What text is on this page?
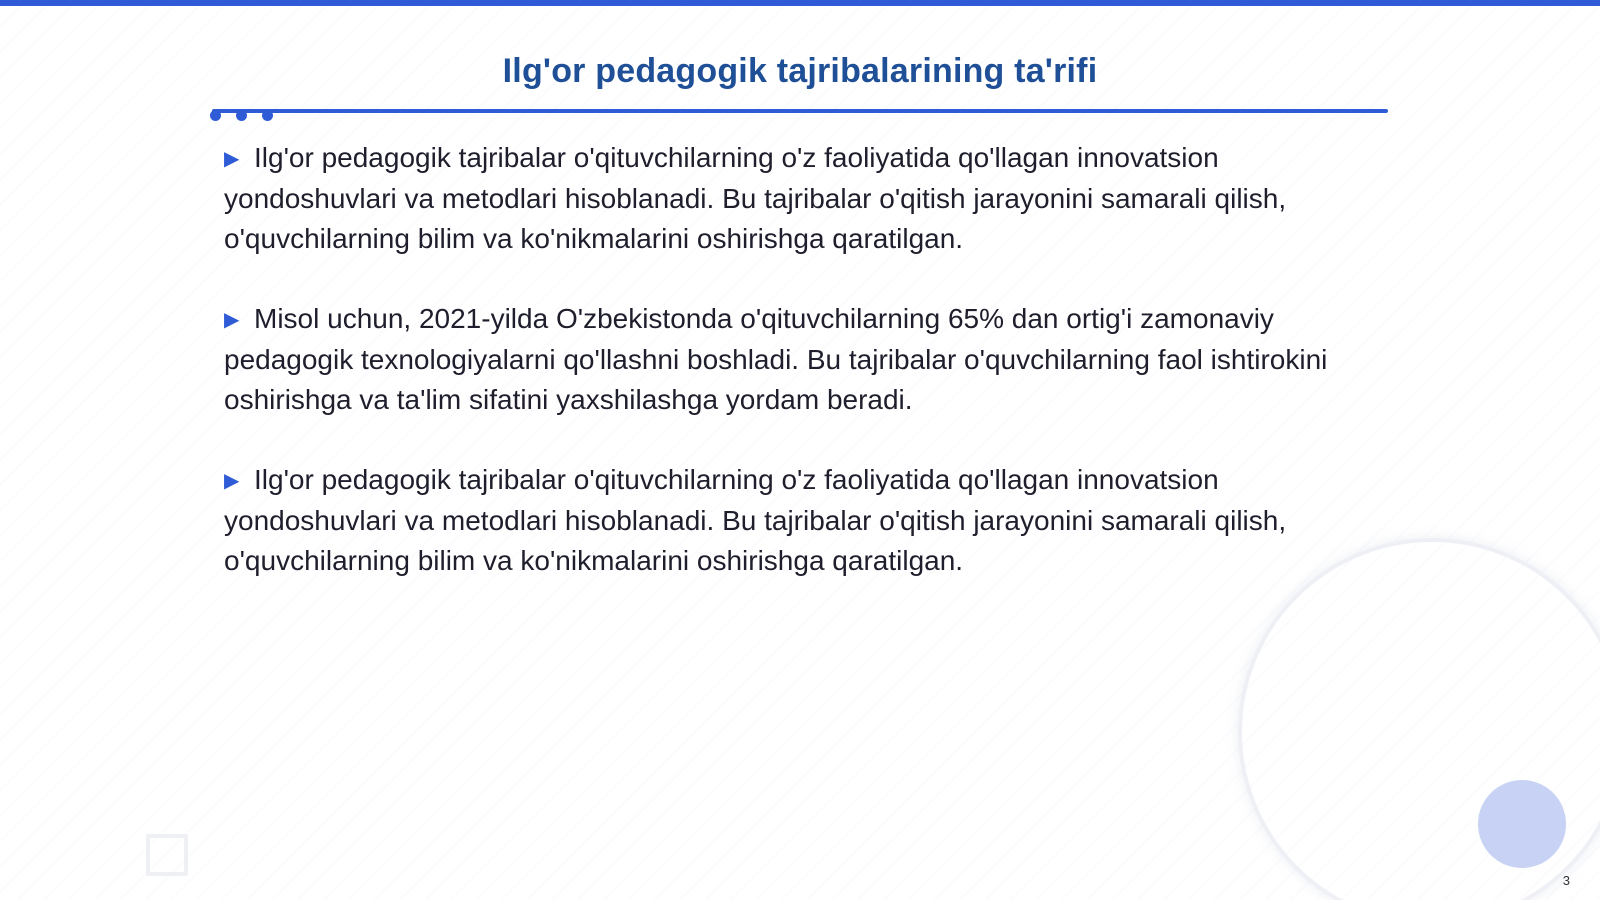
Ilg'or pedagogik tajribalarining ta'rifi

▶ Ilg'or pedagogik tajribalar o'qituvchilarning o'z faoliyatida qo'llagan innovatsion yondoshuvlari va metodlari hisoblanadi. Bu tajribalar o'qitish jarayonini samarali qilish, o'quvchilarning bilim va ko'nikmalarini oshirishga qaratilgan.

▶ Misol uchun, 2021-yilda O'zbekistonda o'qituvchilarning 65% dan ortig'i zamonaviy pedagogik texnologiyalarni qo'llashni boshladi. Bu tajribalar o'quvchilarning faol ishtirokini oshirishga va ta'lim sifatini yaxshilashga yordam beradi.

▶ Ilg'or pedagogik tajribalar o'qituvchilarning o'z faoliyatida qo'llagan innovatsion yondoshuvlari va metodlari hisoblanadi. Bu tajribalar o'qitish jarayonini samarali qilish, o'quvchilarning bilim va ko'nikmalarini oshirishga qaratilgan.

3
